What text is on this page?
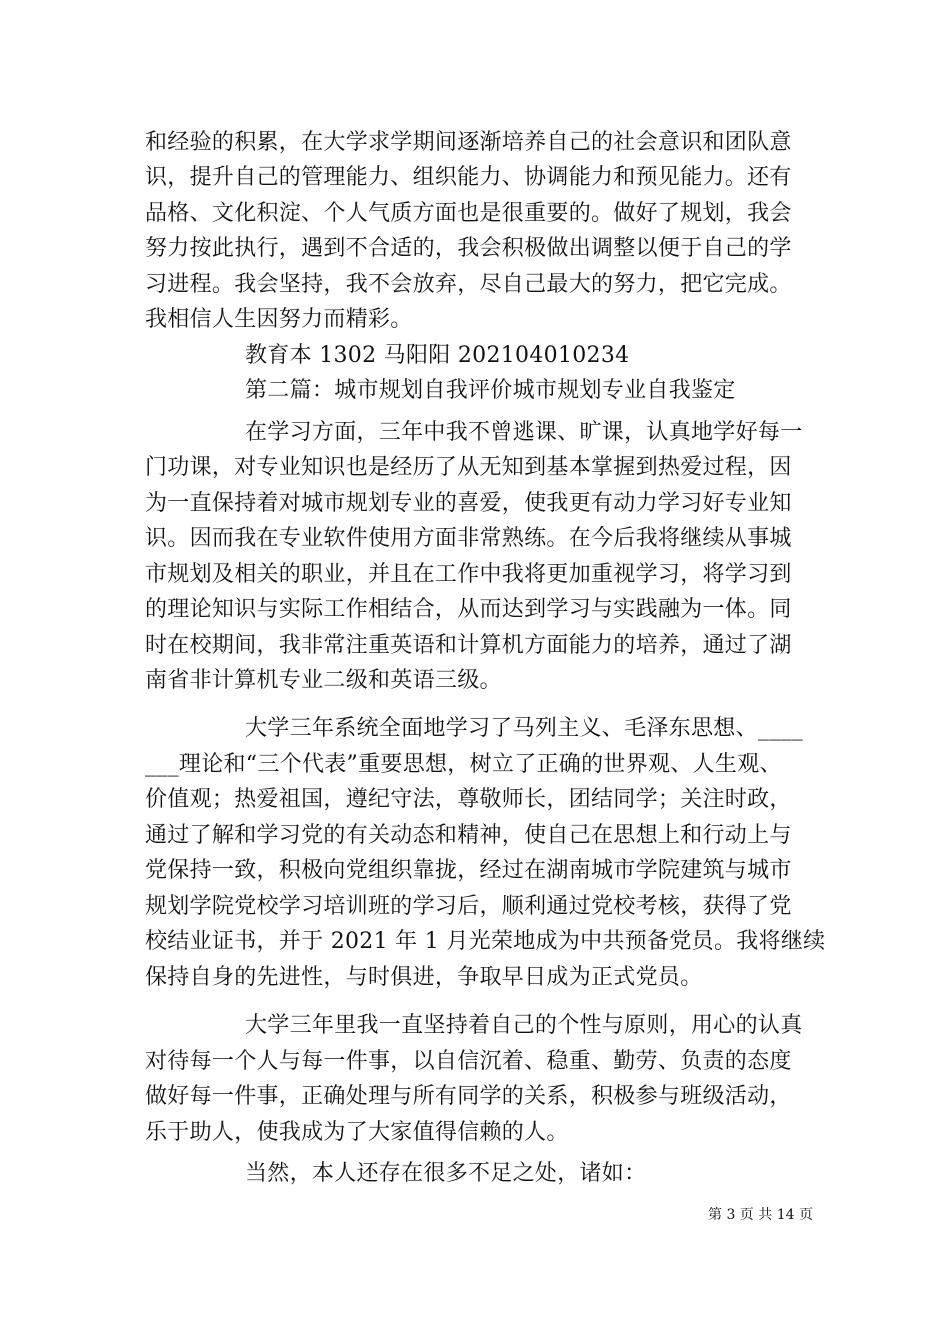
和经验的积累，在大学求学期间逐渐培养自己的社会意识和团队意
识，提升自己的管理能力、组织能力、协调能力和预见能力。还有
品格、文化积淀、个人气质方面也是很重要的。做好了规划，我会
努力按此执行，遇到不合适的，我会积极做出调整以便于自己的学
习进程。我会坚持，我不会放弃，尽自己最大的努力，把它完成。
我相信人生因努力而精彩。
教育本 1302 马阳阳 202104010234
第二篇：城市规划自我评价城市规划专业自我鉴定
在学习方面，三年中我不曾逃课、旷课，认真地学好每一
门功课，对专业知识也是经历了从无知到基本掌握到热爱过程，因
为一直保持着对城市规划专业的喜爱，使我更有动力学习好专业知
识。因而我在专业软件使用方面非常熟练。在今后我将继续从事城
市规划及相关的职业，并且在工作中我将更加重视学习，将学习到
的理论知识与实际工作相结合，从而达到学习与实践融为一体。同
时在校期间，我非常注重英语和计算机方面能力的培养，通过了湖
南省非计算机专业二级和英语三级。
大学三年系统全面地学习了马列主义、毛泽东思想、____
___理论和“三个代表”重要思想，树立了正确的世界观、人生观、
价值观；热爱祖国，遵纪守法，尊敬师长，团结同学；关注时政，
通过了解和学习党的有关动态和精神，使自己在思想上和行动上与
党保持一致，积极向党组织靠拢，经过在湖南城市学院建筑与城市
规划学院党校学习培训班的学习后，顺利通过党校考核，获得了党
校结业证书，并于 2021 年 1 月光荣地成为中共预备党员。我将继续
保持自身的先进性，与时俱进，争取早日成为正式党员。
大学三年里我一直坚持着自己的个性与原则，用心的认真
对待每一个人与每一件事，以自信沉着、稳重、勤劳、负责的态度
做好每一件事，正确处理与所有同学的关系，积极参与班级活动，
乐于助人，使我成为了大家值得信赖的人。
当然，本人还存在很多不足之处，诸如：
第 3 页 共 14 页
